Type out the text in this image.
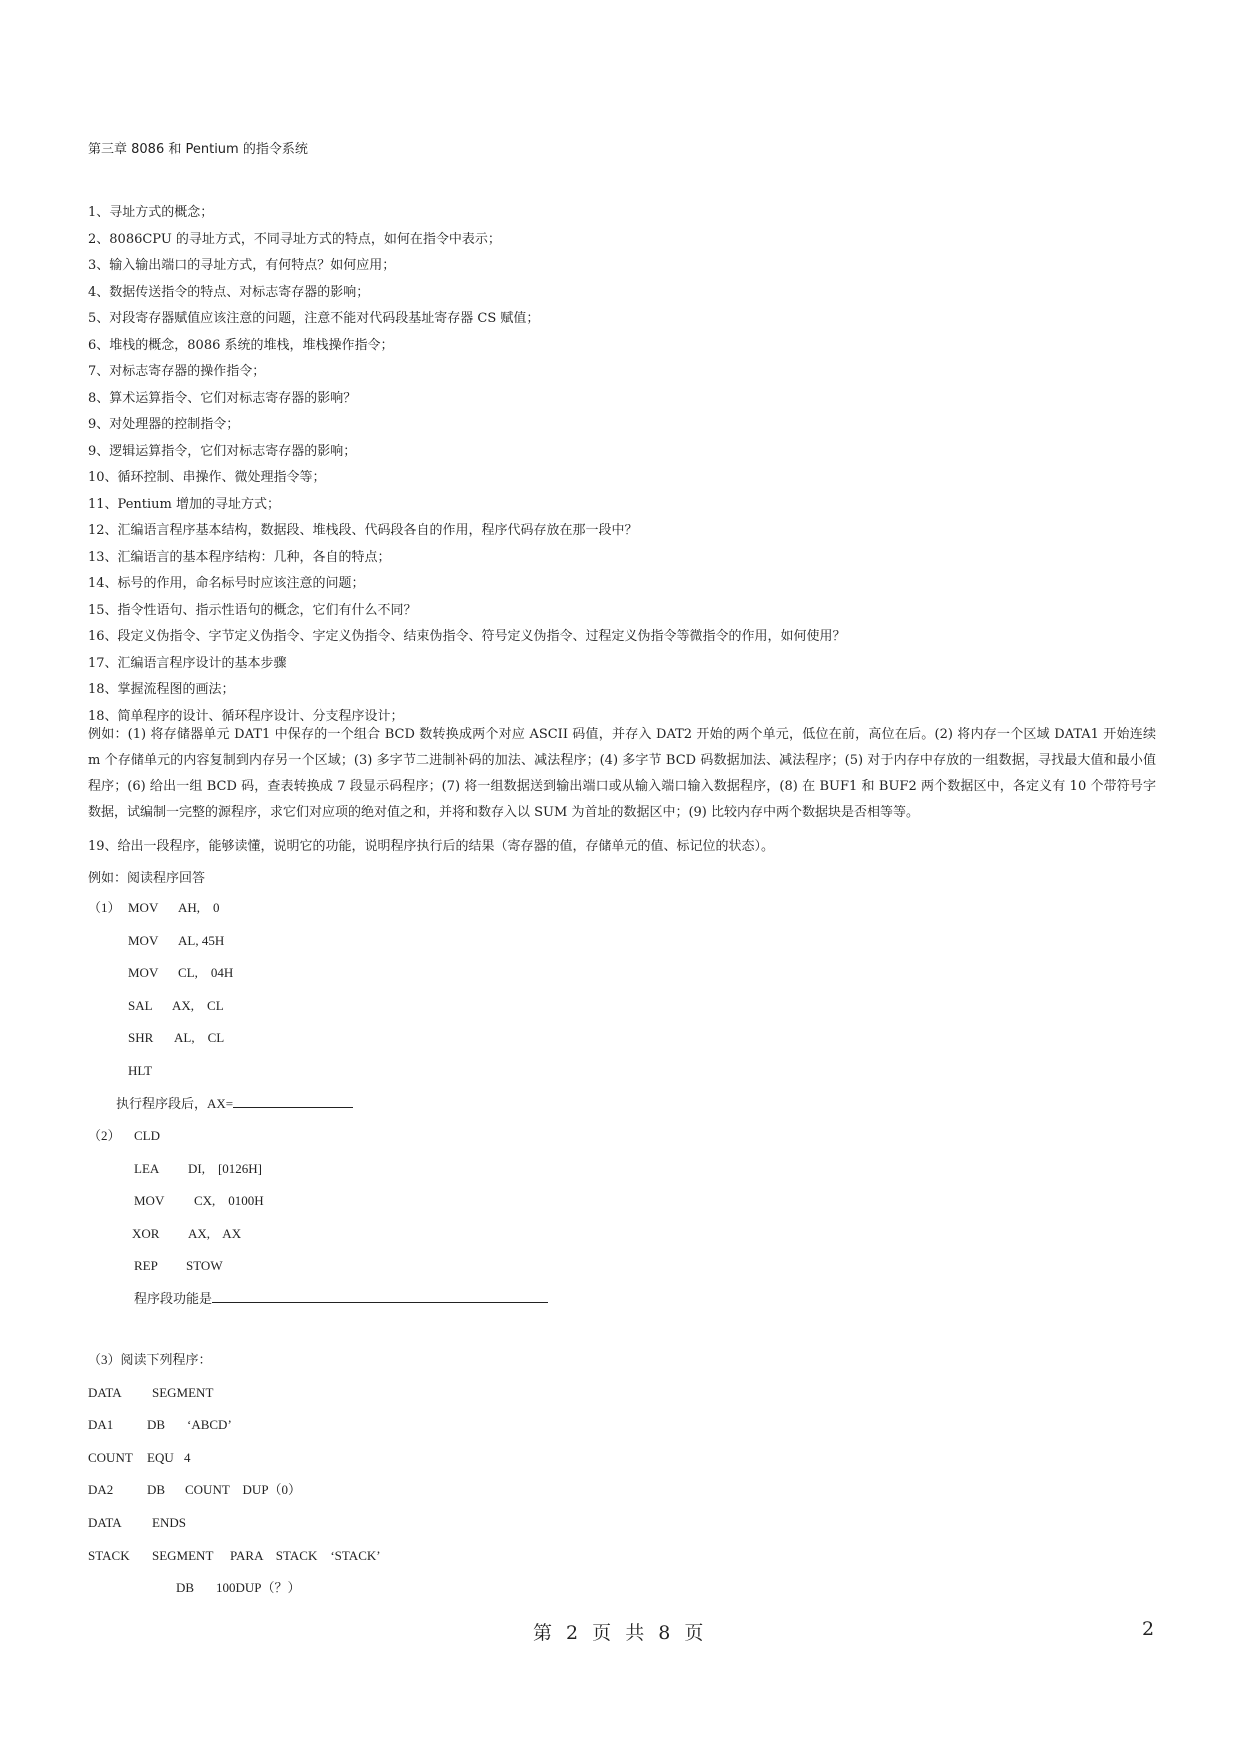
第三章 8086 和 Pentium 的指令系统
1、寻址方式的概念；
2、8086CPU 的寻址方式，不同寻址方式的特点，如何在指令中表示；
3、输入输出端口的寻址方式，有何特点？如何应用；
4、数据传送指令的特点、对标志寄存器的影响；
5、对段寄存器赋值应该注意的问题，注意不能对代码段基址寄存器 CS 赋值；
6、堆栈的概念，8086 系统的堆栈，堆栈操作指令；
7、对标志寄存器的操作指令；
8、算术运算指令、它们对标志寄存器的影响？
9、对处理器的控制指令；
9、逻辑运算指令，它们对标志寄存器的影响；
10、循环控制、串操作、微处理指令等；
11、Pentium 增加的寻址方式；
12、汇编语言程序基本结构，数据段、堆栈段、代码段各自的作用，程序代码存放在那一段中？
13、汇编语言的基本程序结构：几种，各自的特点；
14、标号的作用，命名标号时应该注意的问题；
15、指令性语句、指示性语句的概念，它们有什么不同？
16、段定义伪指令、字节定义伪指令、字定义伪指令、结束伪指令、符号定义伪指令、过程定义伪指令等微指令的作用，如何使用？
17、汇编语言程序设计的基本步骤
18、掌握流程图的画法；
18、简单程序的设计、循环程序设计、分支程序设计；

例如：(1) 将存储器单元 DAT1 中保存的一个组合 BCD 数转换成两个对应 ASCII 码值，并存入 DAT2 开始的两个单元，低位在前，高位在后。(2) 将内存一个区域 DATA1 开始连续 m 个存储单元的内容复制到内存另一个区域；(3) 多字节二进制补码的加法、减法程序；(4) 多字节 BCD 码数据加法、减法程序；(5) 对于内存中存放的一组数据，寻找最大值和最小值程序；(6) 给出一组 BCD 码，查表转换成 7 段显示码程序；(7) 将一组数据送到输出端口或从输入端口输入数据程序，(8) 在 BUF1 和 BUF2 两个数据区中，各定义有 10 个带符号字数据，试编制一完整的源程序，求它们对应项的绝对值之和，并将和数存入以 SUM 为首址的数据区中；(9) 比较内存中两个数据块是否相等等。

19、给出一段程序，能够读懂，说明它的功能，说明程序执行后的结果（寄存器的值，存储单元的值、标记位的状态）。
例如：阅读程序回答
（1） MOV AH,    0
MOV AL, 45H
MOV CL,    04H
SAL AX,    CL
SHR AL,    CL
HLT
执行程序段后，AX=
（2） CLD
LEA DI,    [0126H]
MOV CX,    0100H
XOR AX,    AX
REP STOW
程序段功能是
（3）阅读下列程序：
DATA SEGMENT
DA1	DB ‘ABCD’
COUNT EQU 4
DA2	DB COUNT    DUP（0）
DATA ENDS
STACK SEGMENT PARA    STACK    ‘STACK’
DB 100DUP（？）
第 2 页 共 8 页	2
